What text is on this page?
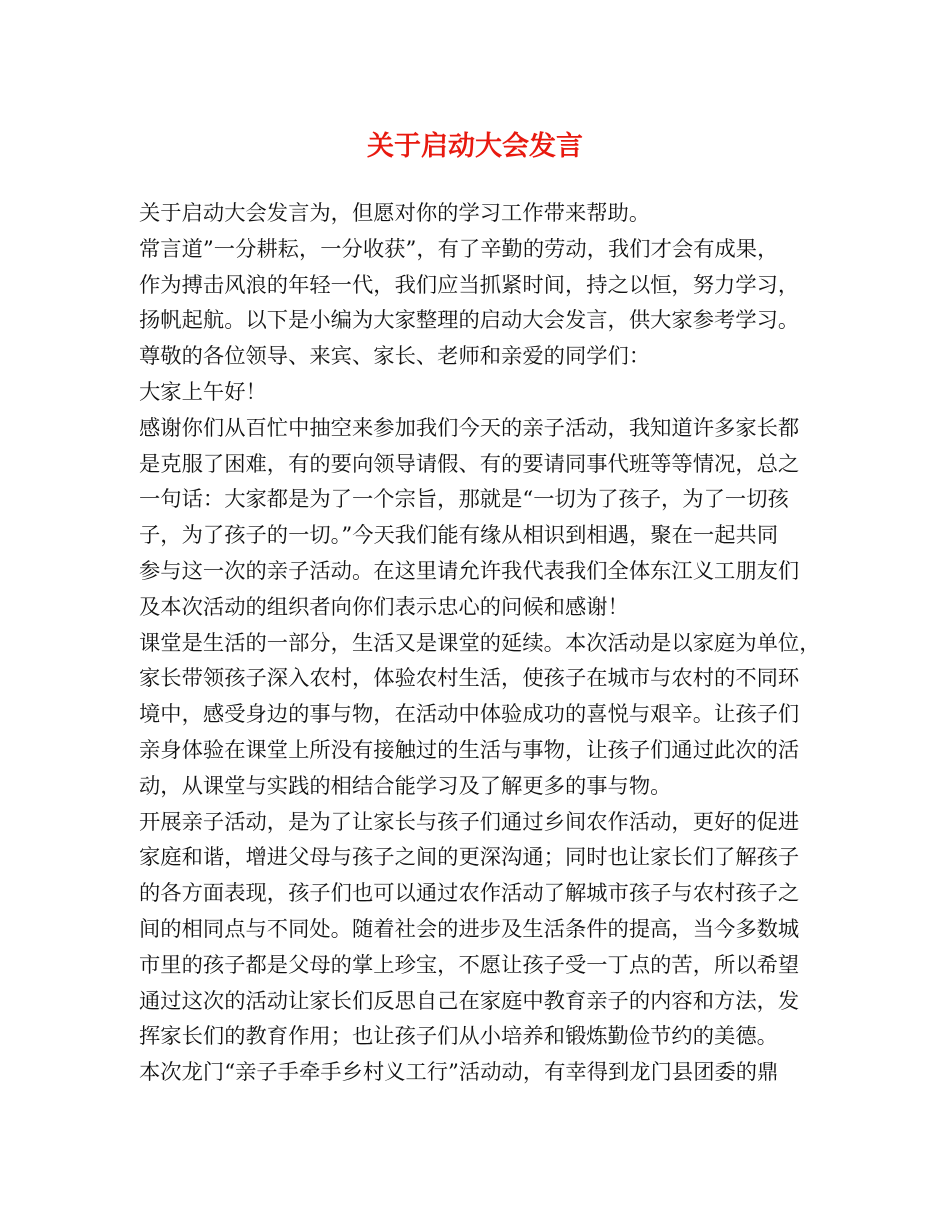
关于启动大会发言
关于启动大会发言为，但愿对你的学习工作带来帮助。
常言道”一分耕耘，一分收获”，有了辛勤的劳动，我们才会有成果，
作为搏击风浪的年轻一代，我们应当抓紧时间，持之以恒，努力学习，
扬帆起航。以下是小编为大家整理的启动大会发言，供大家参考学习。
尊敬的各位领导、来宾、家长、老师和亲爱的同学们：
大家上午好！
感谢你们从百忙中抽空来参加我们今天的亲子活动，我知道许多家长都
是克服了困难，有的要向领导请假、有的要请同事代班等等情况，总之
一句话：大家都是为了一个宗旨，那就是“一切为了孩子，为了一切孩
子，为了孩子的一切。”今天我们能有缘从相识到相遇，聚在一起共同
参与这一次的亲子活动。在这里请允许我代表我们全体东江义工朋友们
及本次活动的组织者向你们表示忠心的问候和感谢！
课堂是生活的一部分，生活又是课堂的延续。本次活动是以家庭为单位，
家长带领孩子深入农村，体验农村生活，使孩子在城市与农村的不同环
境中，感受身边的事与物，在活动中体验成功的喜悦与艰辛。让孩子们
亲身体验在课堂上所没有接触过的生活与事物，让孩子们通过此次的活
动，从课堂与实践的相结合能学习及了解更多的事与物。
开展亲子活动，是为了让家长与孩子们通过乡间农作活动，更好的促进
家庭和谐，增进父母与孩子之间的更深沟通；同时也让家长们了解孩子
的各方面表现，孩子们也可以通过农作活动了解城市孩子与农村孩子之
间的相同点与不同处。随着社会的进步及生活条件的提高，当今多数城
市里的孩子都是父母的掌上珍宝，不愿让孩子受一丁点的苦，所以希望
通过这次的活动让家长们反思自己在家庭中教育亲子的内容和方法，发
挥家长们的教育作用；也让孩子们从小培养和锻炼勤俭节约的美德。
本次龙门“亲子手牵手乡村义工行”活动动，有幸得到龙门县团委的鼎
